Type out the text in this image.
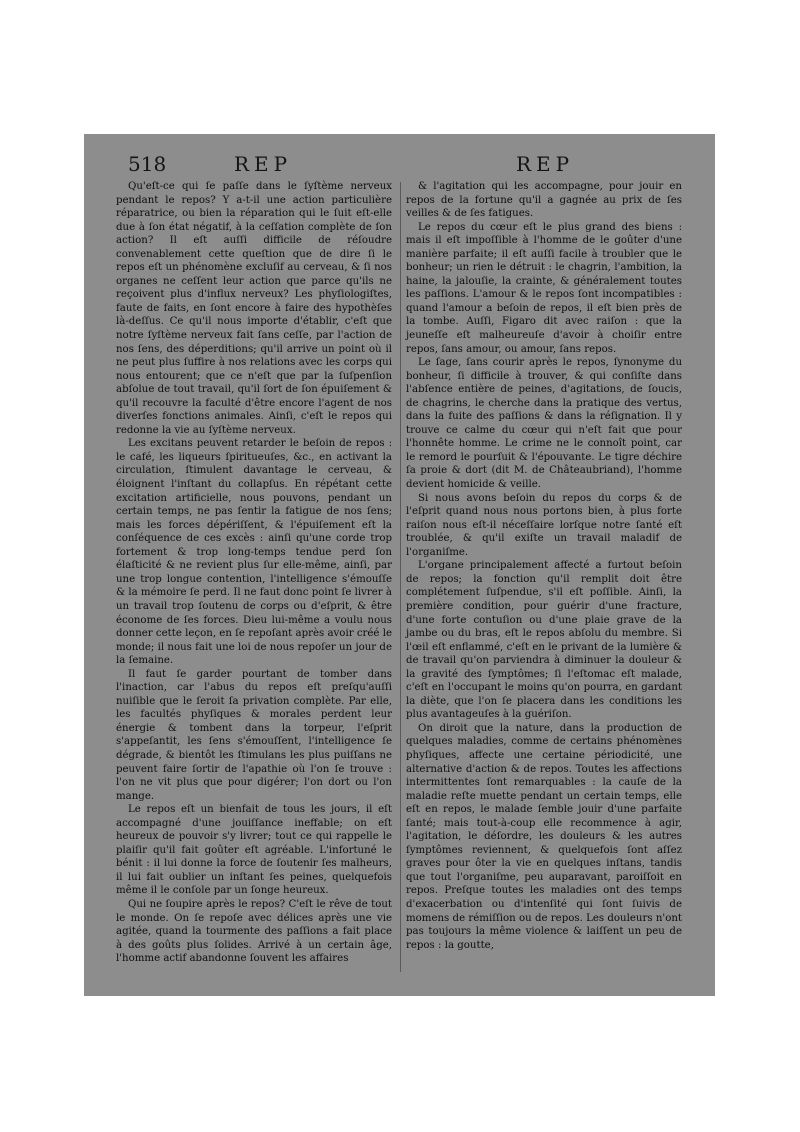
518	REP	REP

Qu'eſt-ce qui ſe paſſe dans le ſyſtème nerveux pendant le repos? Y a-t-il une action particulière réparatrice, ou bien la réparation qui le ſuit eſt-elle due à ſon état négatif, à la ceſſation complète de ſon action? Il eſt auſſi difficile de réſoudre convenablement cette queſtion que de dire ſi le repos eſt un phénomène excluſif au cerveau, & ſi nos organes ne ceſſent leur action que parce qu'ils ne reçoivent plus d'influx nerveux? Les phyſiologiſtes, faute de faits, en ſont encore à faire des hypothèſes là-deſſus. Ce qu'il nous importe d'établir, c'eſt que notre ſyſtème nerveux fait ſans ceſſe, par l'action de nos ſens, des déperditions; qu'il arrive un point où il ne peut plus ſuffire à nos relations avec les corps qui nous entourent; que ce n'eſt que par la ſuſpenſion abſolue de tout travail, qu'il ſort de ſon épuiſement & qu'il recouvre la faculté d'être encore l'agent de nos diverſes fonctions animales. Ainſi, c'eſt le repos qui redonne la vie au ſyſtème nerveux.

Les excitans peuvent retarder le beſoin de repos : le café, les liqueurs ſpiritueuſes, &c., en activant la circulation, ſtimulent davantage le cerveau, & éloignent l'inſtant du collapſus. En répétant cette excitation artificielle, nous pouvons, pendant un certain temps, ne pas ſentir la fatigue de nos ſens; mais les forces dépériſſent, & l'épuiſement eſt la conſéquence de ces excès : ainſi qu'une corde trop fortement & trop long-temps tendue perd ſon élaſticité & ne revient plus ſur elle-même, ainſi, par une trop longue contention, l'intelligence s'émouſſe & la mémoire ſe perd. Il ne faut donc point ſe livrer à un travail trop ſoutenu de corps ou d'eſprit, & être économe de ſes forces. Dieu lui-même a voulu nous donner cette leçon, en ſe repoſant après avoir créé le monde; il nous fait une loi de nous repoſer un jour de la ſemaine.

Il faut ſe garder pourtant de tomber dans l'inaction, car l'abus du repos eſt preſqu'auſſi nuiſible que le ſeroit ſa privation complète. Par elle, les facultés phyſiques & morales perdent leur énergie & tombent dans la torpeur, l'eſprit s'appeſantit, les ſens s'émouſſent, l'intelligence ſe dégrade, & bientôt les ſtimulans les plus puiſſans ne peuvent faire ſortir de l'apathie où l'on ſe trouve : l'on ne vit plus que pour digérer; l'on dort ou l'on mange.

Le repos eſt un bienfait de tous les jours, il eſt accompagné d'une jouiſſance ineffable; on eſt heureux de pouvoir s'y livrer; tout ce qui rappelle le plaiſir qu'il fait goûter eſt agréable. L'infortuné le bénit : il lui donne la force de ſoutenir ſes malheurs, il lui fait oublier un inſtant ſes peines, quelquefois même il le conſole par un ſonge heureux.

Qui ne ſoupire après le repos? C'eſt le rêve de tout le monde. On ſe repoſe avec délices après une vie agitée, quand la tourmente des paſſions a fait place à des goûts plus ſolides. Arrivé à un certain âge, l'homme actif abandonne ſouvent les affaires

& l'agitation qui les accompagne, pour jouir en repos de la fortune qu'il a gagnée au prix de ſes veilles & de ſes fatigues.

Le repos du cœur eſt le plus grand des biens : mais il eſt impoſſible à l'homme de le goûter d'une manière parfaite; il eſt auſſi facile à troubler que le bonheur; un rien le détruit : le chagrin, l'ambition, la haine, la jalouſie, la crainte, & généralement toutes les paſſions. L'amour & le repos ſont incompatibles : quand l'amour a beſoin de repos, il eſt bien près de la tombe. Auſſi, Figaro dit avec raiſon : que la jeuneſſe eſt malheureuſe d'avoir à choiſir entre repos, ſans amour, ou amour, ſans repos.

Le ſage, ſans courir après le repos, ſynonyme du bonheur, ſi difficile à trouver, & qui conſiſte dans l'abſence entière de peines, d'agitations, de ſoucis, de chagrins, le cherche dans la pratique des vertus, dans la fuite des paſſions & dans la réſignation. Il y trouve ce calme du cœur qui n'eſt fait que pour l'honnête homme. Le crime ne le connoît point, car le remord le pourſuit & l'épouvante. Le tigre déchire ſa proie & dort (dit M. de Châteaubriand), l'homme devient homicide & veille.

Si nous avons beſoin du repos du corps & de l'eſprit quand nous nous portons bien, à plus forte raiſon nous eſt-il néceſſaire lorſque notre ſanté eſt troublée, & qu'il exiſte un travail maladif de l'organiſme.

L'organe principalement affecté a furtout beſoin de repos; la fonction qu'il remplit doit être complétement ſuſpendue, s'il eſt poſſible. Ainſi, la première condition, pour guérir d'une fracture, d'une forte contuſion ou d'une plaie grave de la jambe ou du bras, eſt le repos abſolu du membre. Si l'œil eſt enflammé, c'eſt en le privant de la lumière & de travail qu'on parviendra à diminuer la douleur & la gravité des ſymptômes; ſi l'eſtomac eſt malade, c'eſt en l'occupant le moins qu'on pourra, en gardant la diète, que l'on ſe placera dans les conditions les plus avantageuſes à la guériſon.

On diroit que la nature, dans la production de quelques maladies, comme de certains phénomènes phyſiques, affecte une certaine périodicité, une alternative d'action & de repos. Toutes les affections intermittentes ſont remarquables : la cauſe de la maladie reſte muette pendant un certain temps, elle eſt en repos, le malade ſemble jouir d'une parfaite ſanté; mais tout-à-coup elle recommence à agir, l'agitation, le déſordre, les douleurs & les autres ſymptômes reviennent, & quelquefois ſont aſſez graves pour ôter la vie en quelques inſtans, tandis que tout l'organiſme, peu auparavant, paroiſſoit en repos. Preſque toutes les maladies ont des temps d'exacerbation ou d'intenſité qui ſont ſuivis de momens de rémiſſion ou de repos. Les douleurs n'ont pas toujours la même violence & laiſſent un peu de repos : la goutte,
